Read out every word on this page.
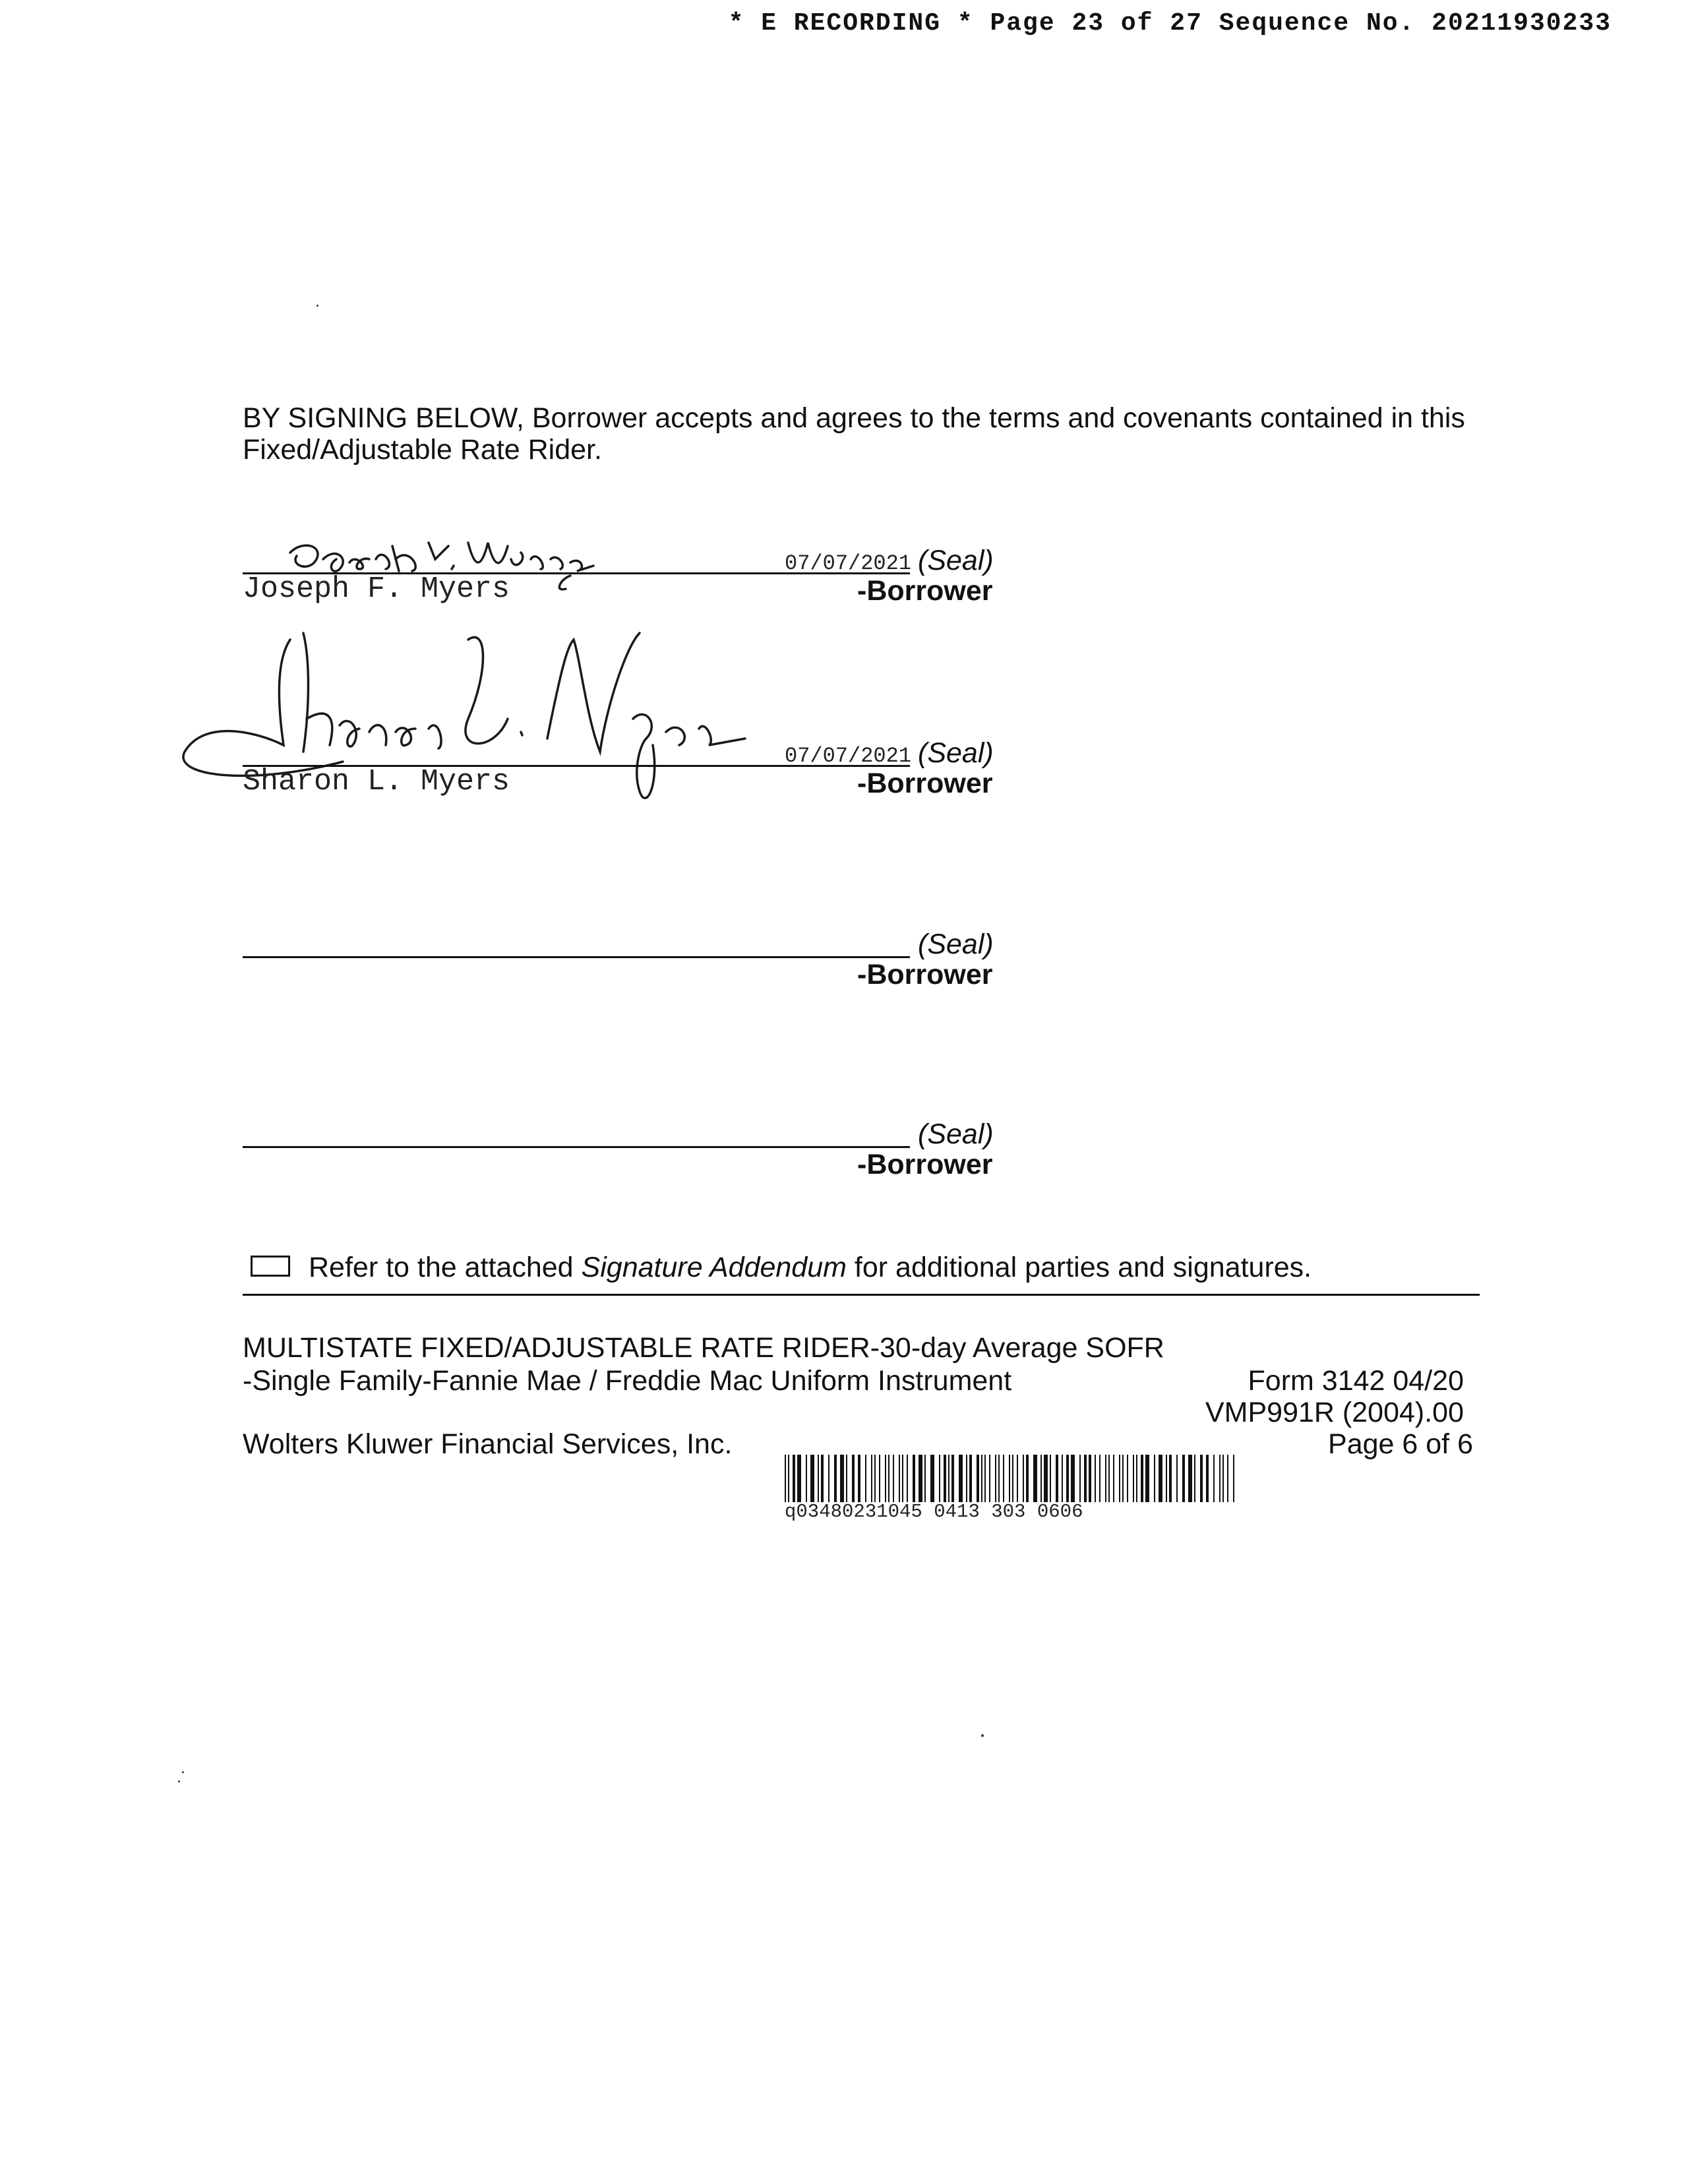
* E RECORDING * Page 23 of 27 Sequence No. 20211930233
BY SIGNING BELOW, Borrower accepts and agrees to the terms and covenants contained in this Fixed/Adjustable Rate Rider.
07/07/2021 (Seal)
Joseph F. Myers	-Borrower
07/07/2021 (Seal)
Sharon L. Myers	-Borrower
(Seal)
-Borrower
(Seal)
-Borrower
Refer to the attached Signature Addendum for additional parties and signatures.
MULTISTATE FIXED/ADJUSTABLE RATE RIDER-30-day Average SOFR
-Single Family-Fannie Mae / Freddie Mac Uniform Instrument	Form 3142 04/20
VMP991R (2004).00
Wolters Kluwer Financial Services, Inc.	Page 6 of 6
q03480231045 0413 303 0606
